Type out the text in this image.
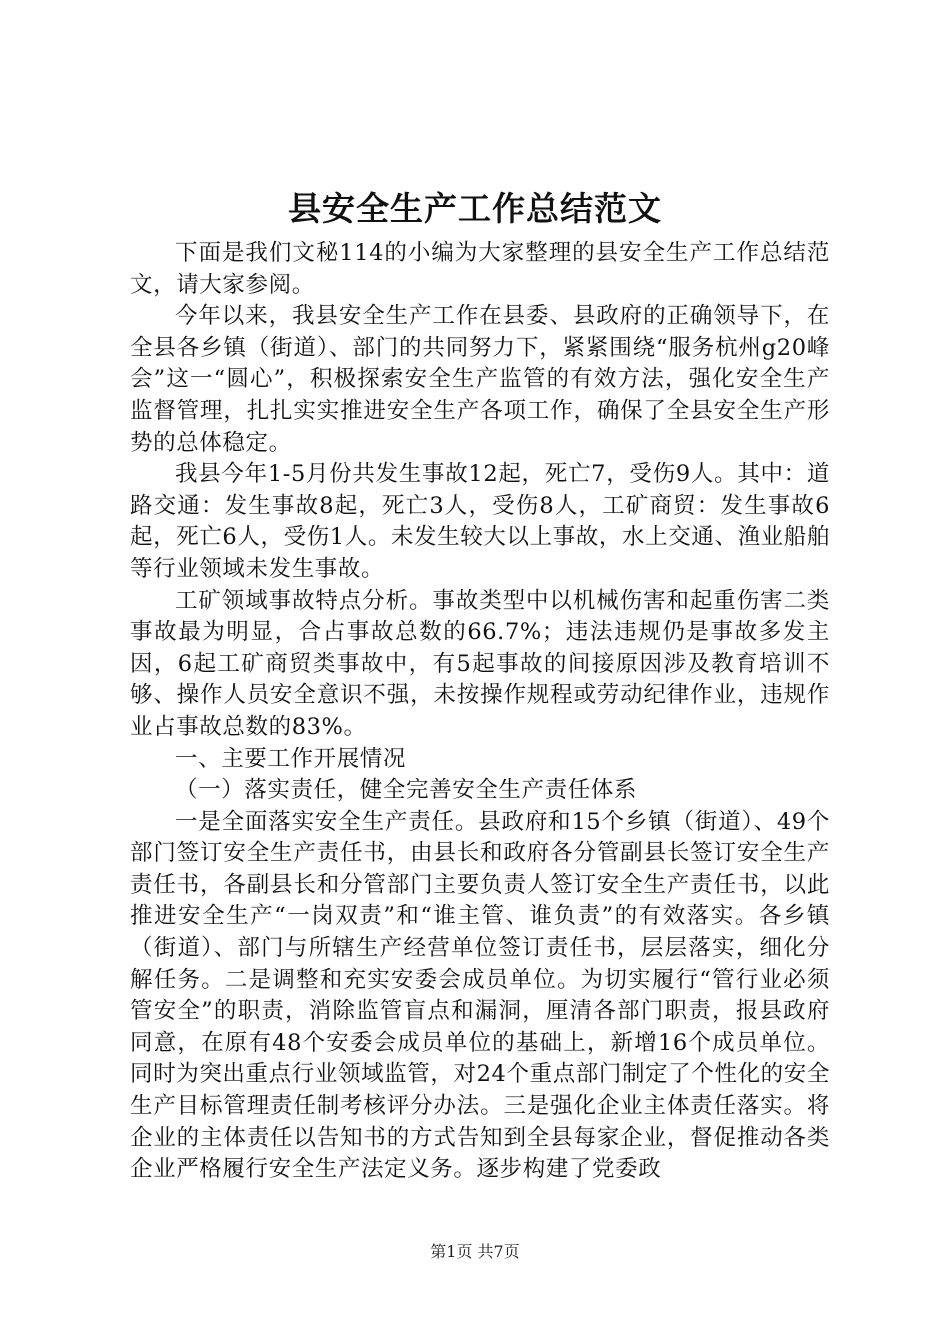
县安全生产工作总结范文

下面是我们文秘114的小编为大家整理的县安全生产工作总结范文，请大家参阅。

今年以来，我县安全生产工作在县委、县政府的正确领导下，在全县各乡镇（街道）、部门的共同努力下，紧紧围绕“服务杭州g20峰会”这一“圆心”，积极探索安全生产监管的有效方法，强化安全生产监督管理，扎扎实实推进安全生产各项工作，确保了全县安全生产形势的总体稳定。

我县今年1-5月份共发生事故12起，死亡7，受伤9人。其中：道路交通：发生事故8起，死亡3人，受伤8人，工矿商贸：发生事故6起，死亡6人，受伤1人。未发生较大以上事故，水上交通、渔业船舶等行业领域未发生事故。

工矿领域事故特点分析。事故类型中以机械伤害和起重伤害二类事故最为明显，合占事故总数的66.7%；违法违规仍是事故多发主因，6起工矿商贸类事故中，有5起事故的间接原因涉及教育培训不够、操作人员安全意识不强，未按操作规程或劳动纪律作业，违规作业占事故总数的83%。

一、主要工作开展情况

（一）落实责任，健全完善安全生产责任体系

一是全面落实安全生产责任。县政府和15个乡镇（街道）、49个部门签订安全生产责任书，由县长和政府各分管副县长签订安全生产责任书，各副县长和分管部门主要负责人签订安全生产责任书，以此推进安全生产“一岗双责”和“谁主管、谁负责”的有效落实。各乡镇（街道）、部门与所辖生产经营单位签订责任书，层层落实，细化分解任务。二是调整和充实安委会成员单位。为切实履行“管行业必须管安全”的职责，消除监管盲点和漏洞，厘清各部门职责，报县政府同意，在原有48个安委会成员单位的基础上，新增16个成员单位。同时为突出重点行业领域监管，对24个重点部门制定了个性化的安全生产目标管理责任制考核评分办法。三是强化企业主体责任落实。将企业的主体责任以告知书的方式告知到全县每家企业，督促推动各类企业严格履行安全生产法定义务。逐步构建了党委政

第1页 共7页
